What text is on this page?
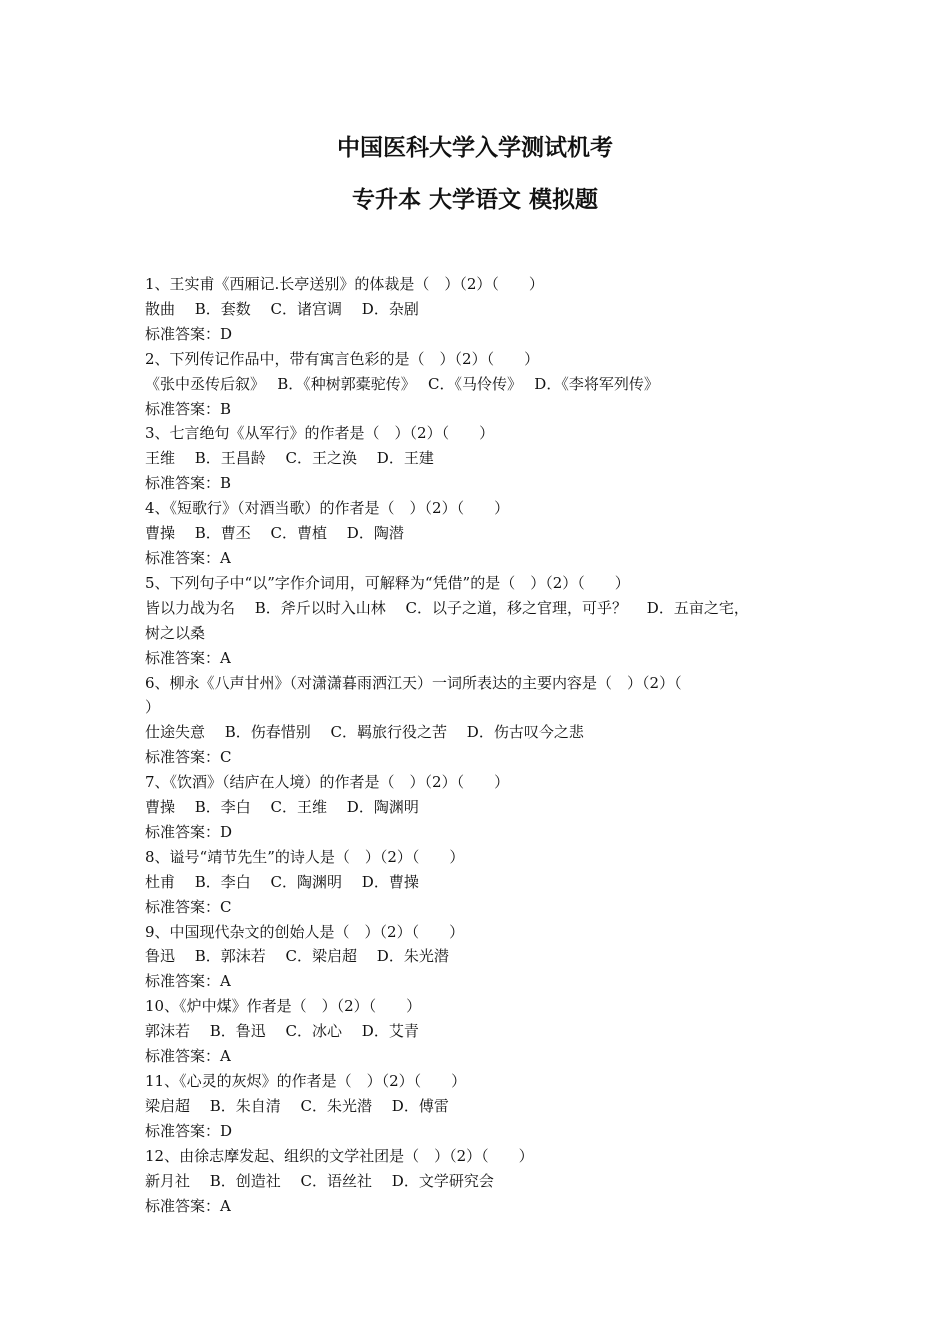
中国医科大学入学测试机考

专升本 大学语文 模拟题

1、王实甫《西厢记.长亭送别》的体裁是（　）（2）（　　）

散曲　 B．套数　 C．诸宫调　 D．杂剧

标准答案：D

2、下列传记作品中，带有寓言色彩的是（　）（2）（　　）

《张中丞传后叙》　 B．《种树郭橐驼传》　 C．《马伶传》　 D．《李将军列传》

标准答案：B

3、七言绝句《从军行》的作者是（　）（2）（　　）

王维　 B．王昌龄　 C．王之涣　 D．王建

标准答案：B

4、《短歌行》（对酒当歌）的作者是（　）（2）（　　）

曹操　 B．曹丕　 C．曹植　 D．陶潜

标准答案：A

5、下列句子中“以”字作介词用，可解释为“凭借”的是（　）（2）（　　）

皆以力战为名　 B．斧斤以时入山林　 C．以子之道，移之官理，可乎？　 D．五亩之宅，

树之以桑

标准答案：A

6、柳永《八声甘州》（对潇潇暮雨洒江天）一词所表达的主要内容是（　）（2）（

）

仕途失意　 B．伤春惜别　 C．羁旅行役之苦　 D．伤古叹今之悲

标准答案：C

7、《饮酒》（结庐在人境）的作者是（　）（2）（　　）

曹操　 B．李白　 C．王维　 D．陶渊明

标准答案：D

8、谥号“靖节先生”的诗人是（　）（2）（　　）

杜甫　 B．李白　 C．陶渊明　 D．曹操

标准答案：C

9、中国现代杂文的创始人是（　）（2）（　　）

鲁迅　 B．郭沫若　 C．梁启超　 D．朱光潜

标准答案：A

10、《炉中煤》作者是（　）（2）（　　）

郭沫若　 B．鲁迅　 C．冰心　 D．艾青

标准答案：A

11、《心灵的灰烬》的作者是（　）（2）（　　）

梁启超　 B．朱自清　 C．朱光潜　 D．傅雷

标准答案：D

12、由徐志摩发起、组织的文学社团是（　）（2）（　　）

新月社　 B．创造社　 C．语丝社　 D．文学研究会

标准答案：A
